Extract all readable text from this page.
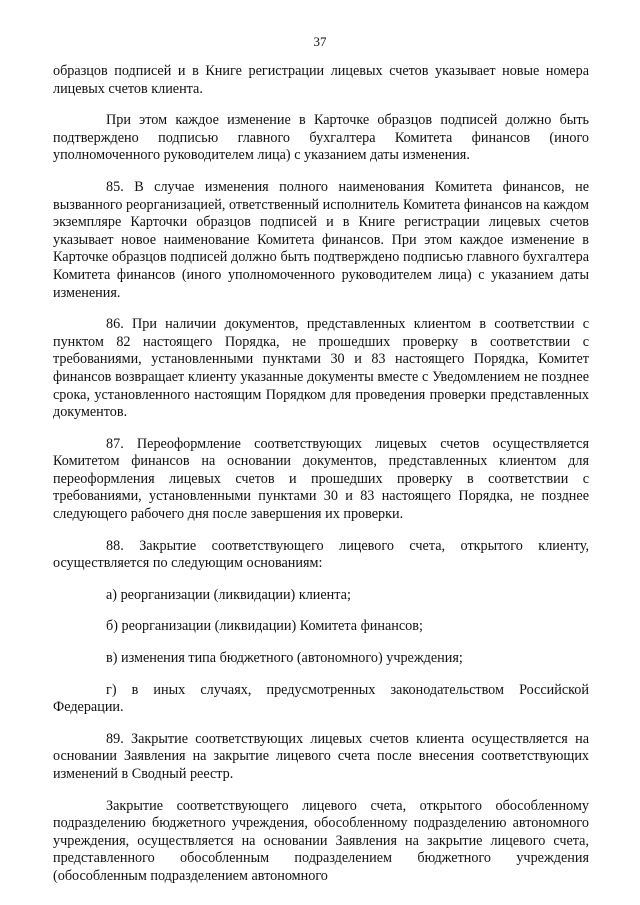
37

образцов подписей и в Книге регистрации лицевых счетов указывает новые номера лицевых счетов клиента.

При этом каждое изменение в Карточке образцов подписей должно быть подтверждено подписью главного бухгалтера Комитета финансов (иного уполномоченного руководителем лица) с указанием даты изменения.

85. В случае изменения полного наименования Комитета финансов, не вызванного реорганизацией, ответственный исполнитель Комитета финансов на каждом экземпляре Карточки образцов подписей и в Книге регистрации лицевых счетов указывает новое наименование Комитета финансов. При этом каждое изменение в Карточке образцов подписей должно быть подтверждено подписью главного бухгалтера Комитета финансов (иного уполномоченного руководителем лица) с указанием даты изменения.

86. При наличии документов, представленных клиентом в соответствии с пунктом 82 настоящего Порядка, не прошедших проверку в соответствии с требованиями, установленными пунктами 30 и 83 настоящего Порядка, Комитет финансов возвращает клиенту указанные документы вместе с Уведомлением не позднее срока, установленного настоящим Порядком для проведения проверки представленных документов.

87. Переоформление соответствующих лицевых счетов осуществляется Комитетом финансов на основании документов, представленных клиентом для переоформления лицевых счетов и прошедших проверку в соответствии с требованиями, установленными пунктами 30 и 83 настоящего Порядка, не позднее следующего рабочего дня после завершения их проверки.

88. Закрытие соответствующего лицевого счета, открытого клиенту, осуществляется по следующим основаниям:

а) реорганизации (ликвидации) клиента;

б) реорганизации (ликвидации) Комитета финансов;

в) изменения типа бюджетного (автономного) учреждения;

г) в иных случаях, предусмотренных законодательством Российской Федерации.

89. Закрытие соответствующих лицевых счетов клиента осуществляется на основании Заявления на закрытие лицевого счета после внесения соответствующих изменений в Сводный реестр.

Закрытие соответствующего лицевого счета, открытого обособленному подразделению бюджетного учреждения, обособленному подразделению автономного учреждения, осуществляется на основании Заявления на закрытие лицевого счета, представленного обособленным подразделением бюджетного учреждения (обособленным подразделением автономного
